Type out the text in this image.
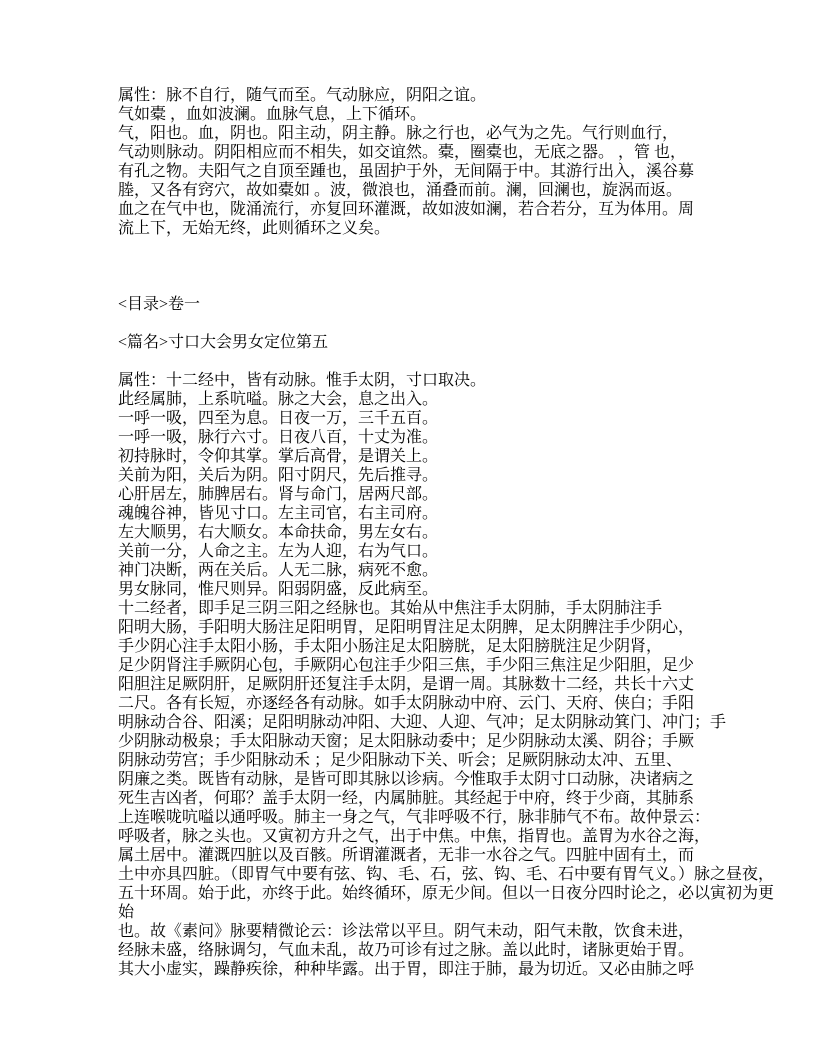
属性：脉不自行，随气而至。气动脉应，阴阳之谊。
气如橐 ，血如波澜。血脉气息，上下循环。
气，阳也。血，阴也。阳主动，阴主静。脉之行也，必气为之先。气行则血行，
气动则脉动。阴阳相应而不相失，如交谊然。橐，圈橐也，无底之器。 ，管 也，
有孔之物。夫阳气之自顶至踵也，虽固护于外，无间隔于中。其游行出入，溪谷募
塍，又各有窍穴，故如橐如 。波，微浪也，涌叠而前。澜，回澜也，旋涡而返。
血之在气中也，陇涌流行，亦复回环灌溉，故如波如澜，若合若分，互为体用。周
流上下，无始无终，此则循环之义矣。
<目录>卷一
<篇名>寸口大会男女定位第五
属性：十二经中，皆有动脉。惟手太阴，寸口取决。
此经属肺，上系吭嗌。脉之大会，息之出入。
一呼一吸，四至为息。日夜一万，三千五百。
一呼一吸，脉行六寸。日夜八百，十丈为准。
初持脉时，令仰其掌。掌后高骨，是谓关上。
关前为阳，关后为阴。阳寸阴尺，先后推寻。
心肝居左，肺脾居右。肾与命门，居两尺部。
魂魄谷神，皆见寸口。左主司官，右主司府。
左大顺男，右大顺女。本命扶命，男左女右。
关前一分，人命之主。左为人迎，右为气口。
神门决断，两在关后。人无二脉，病死不愈。
男女脉同，惟尺则异。阳弱阴盛，反此病至。
十二经者，即手足三阴三阳之经脉也。其始从中焦注手太阴肺，手太阴肺注手
阳明大肠，手阳明大肠注足阳明胃，足阳明胃注足太阴脾，足太阴脾注手少阴心，
手少阴心注手太阳小肠，手太阳小肠注足太阳膀胱，足太阳膀胱注足少阴肾，
足少阴肾注手厥阴心包，手厥阴心包注手少阳三焦，手少阳三焦注足少阳胆，足少
阳胆注足厥阴肝，足厥阴肝还复注手太阴，是谓一周。其脉数十二经，共长十六丈
二尺。各有长短，亦逐经各有动脉。如手太阴脉动中府、云门、天府、侠白；手阳
明脉动合谷、阳溪；足阳明脉动冲阳、大迎、人迎、气冲；足太阴脉动箕门、冲门；手
少阴脉动极泉；手太阳脉动天窗；足太阳脉动委中；足少阴脉动太溪、阴谷；手厥
阴脉动劳宫；手少阳脉动禾 ；足少阳脉动下关、听会；足厥阴脉动太冲、五里、
阴廉之类。既皆有动脉，是皆可即其脉以诊病。今惟取手太阴寸口动脉，决诸病之
死生吉凶者，何耶？盖手太阴一经，内属肺脏。其经起于中府，终于少商，其肺系
上连喉咙吭嗌以通呼吸。肺主一身之气，气非呼吸不行，脉非肺气不布。故仲景云：
呼吸者，脉之头也。又寅初方升之气，出于中焦。中焦，指胃也。盖胃为水谷之海，
属土居中。灌溉四脏以及百骸。所谓灌溉者，无非一水谷之气。四脏中固有土，而
土中亦具四脏。（即胃气中要有弦、钩、毛、石，弦、钩、毛、石中要有胃气义。）脉之昼夜，
五十环周。始于此，亦终于此。始终循环，原无少间。但以一日夜分四时论之，必以寅初为更
始
也。故《素问》脉要精微论云：诊法常以平旦。阴气未动，阳气未散，饮食未进，
经脉未盛，络脉调匀，气血未乱，故乃可诊有过之脉。盖以此时，诸脉更始于胃。
其大小虚实，躁静疾徐，种种毕露。出于胃，即注于肺，最为切近。又必由肺之呼
